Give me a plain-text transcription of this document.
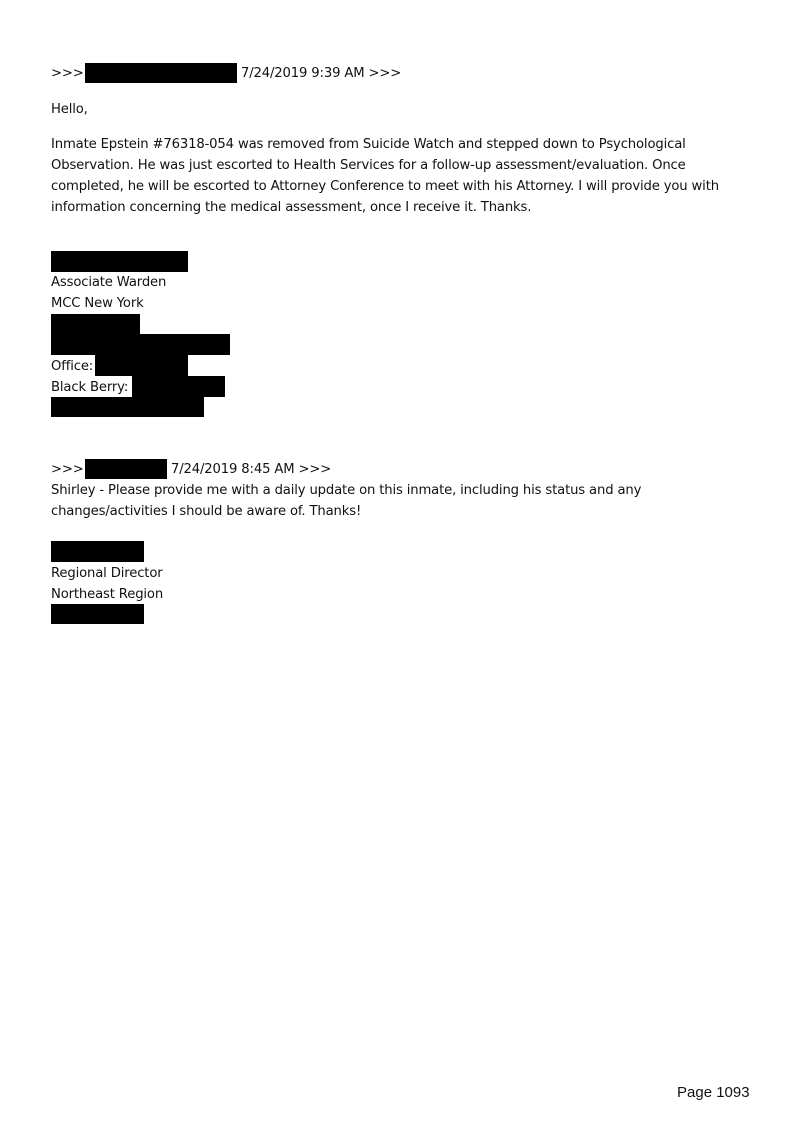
>>>	7/24/2019 9:39 AM >>>
Hello,
Inmate Epstein #76318-054 was removed from Suicide Watch and stepped down to Psychological Observation. He was just escorted to Health Services for a follow-up assessment/evaluation. Once completed, he will be escorted to Attorney Conference to meet with his Attorney. I will provide you with information concerning the medical assessment, once I receive it. Thanks.
Associate Warden
MCC New York
Office:
Black Berry:
>>>	7/24/2019 8:45 AM >>>
Shirley - Please provide me with a daily update on this inmate, including his status and any changes/activities I should be aware of. Thanks!
Regional Director
Northeast Region
Page 1093
